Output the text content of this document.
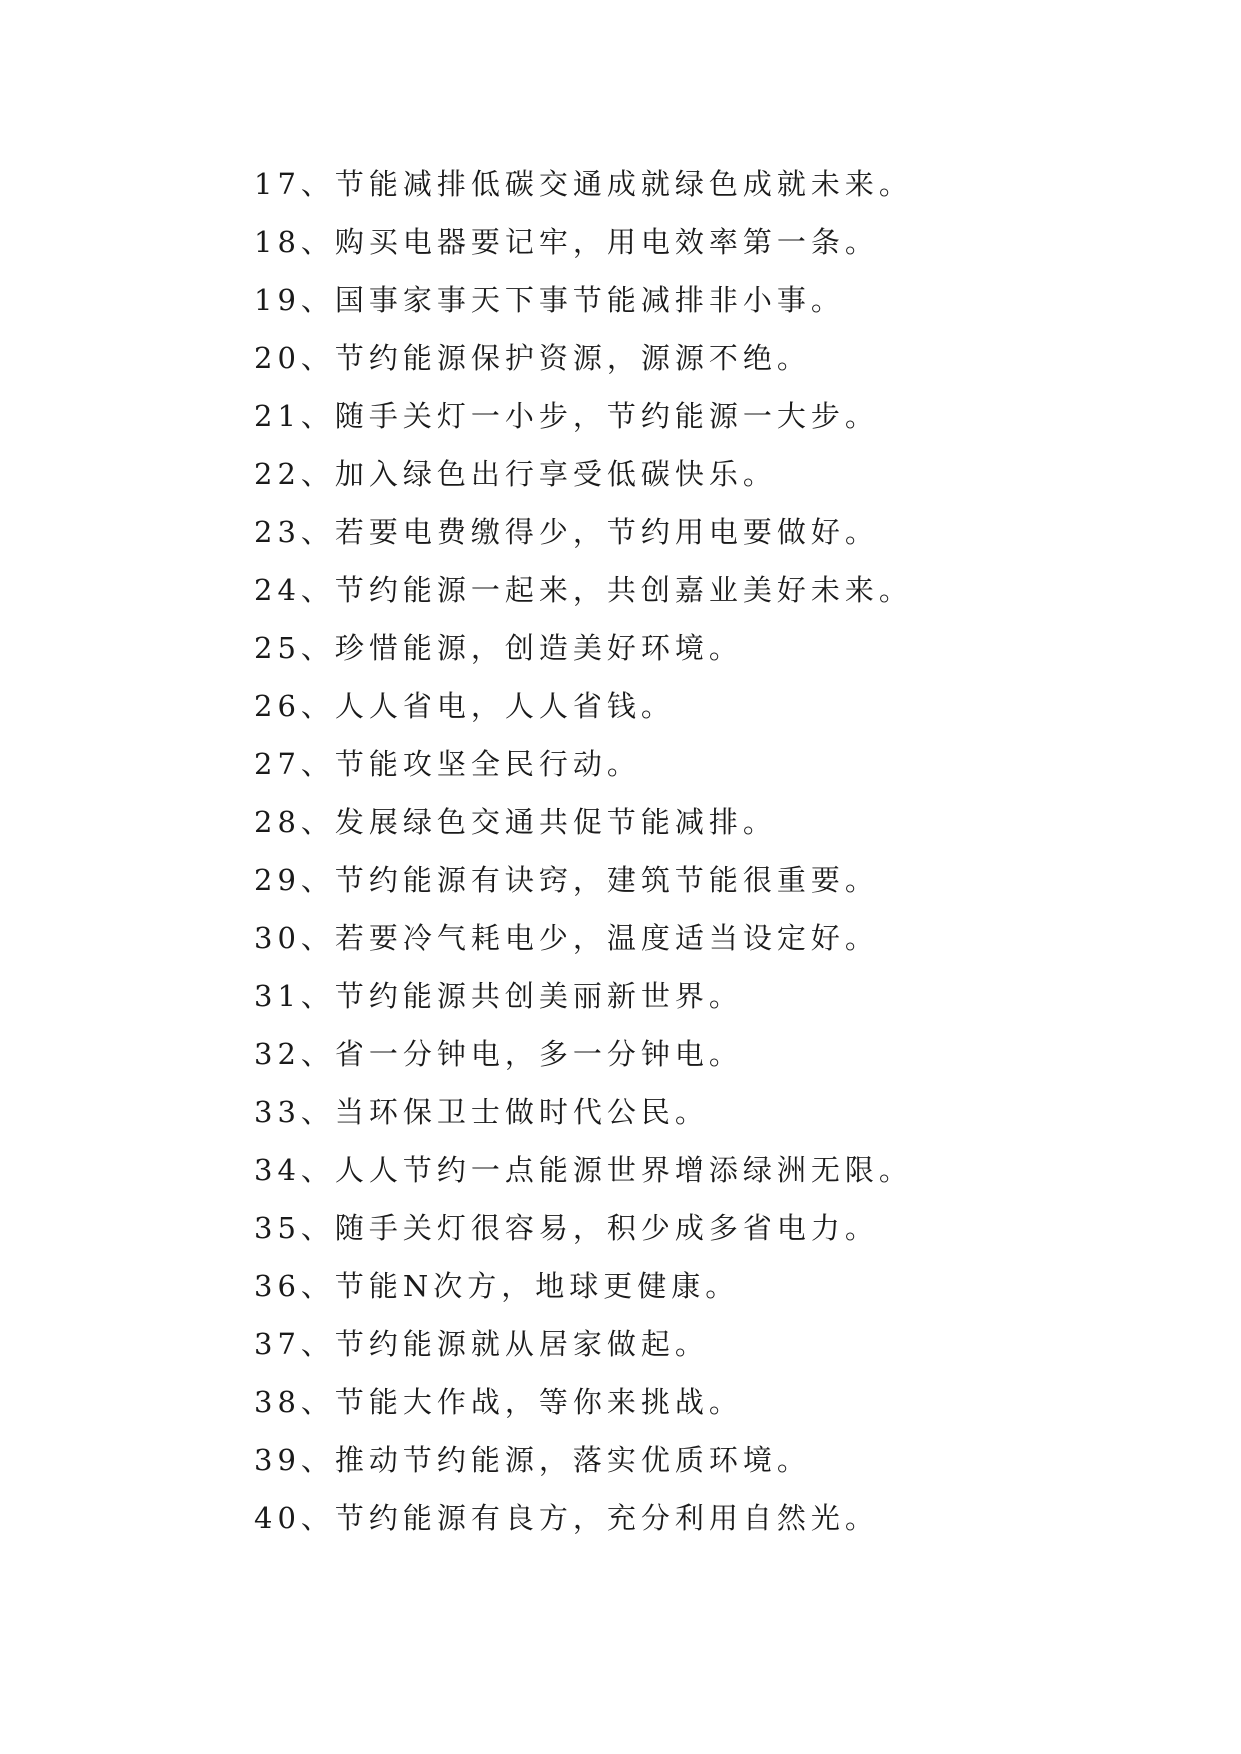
17、节能减排低碳交通成就绿色成就未来。
18、购买电器要记牢，用电效率第一条。
19、国事家事天下事节能减排非小事。
20、节约能源保护资源，源源不绝。
21、随手关灯一小步，节约能源一大步。
22、加入绿色出行享受低碳快乐。
23、若要电费缴得少，节约用电要做好。
24、节约能源一起来，共创嘉业美好未来。
25、珍惜能源，创造美好环境。
26、人人省电，人人省钱。
27、节能攻坚全民行动。
28、发展绿色交通共促节能减排。
29、节约能源有诀窍，建筑节能很重要。
30、若要冷气耗电少，温度适当设定好。
31、节约能源共创美丽新世界。
32、省一分钟电，多一分钟电。
33、当环保卫士做时代公民。
34、人人节约一点能源世界增添绿洲无限。
35、随手关灯很容易，积少成多省电力。
36、节能N次方，地球更健康。
37、节约能源就从居家做起。
38、节能大作战，等你来挑战。
39、推动节约能源，落实优质环境。
40、节约能源有良方，充分利用自然光。
